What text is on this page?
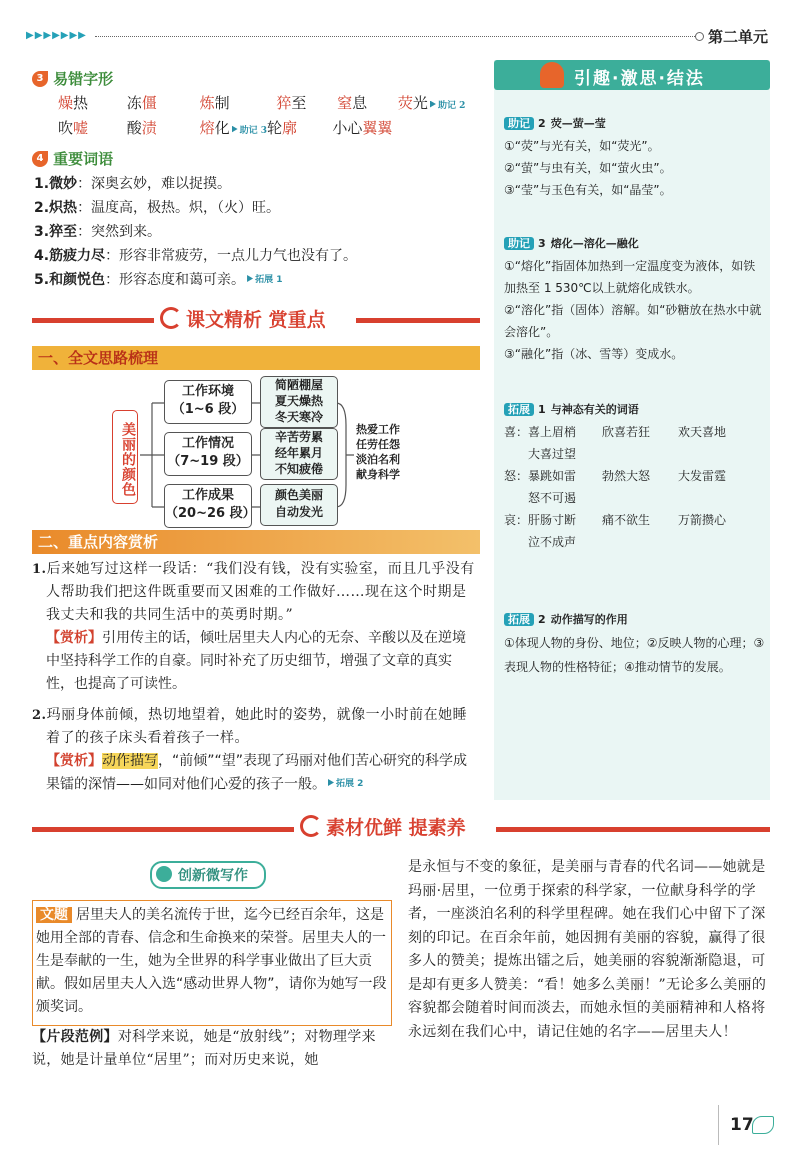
▶▶▶▶▶▶▶	第二单元
3 易错字形
燥热	冻僵	炼制	猝至 窒息 荧光 助记 2
吹嘘	酸渍	熔化 助记 3轮廓 小心翼翼
4 重要词语
1.微妙：深奥玄妙，难以捉摸。
2.炽热：温度高，极热。炽，（火）旺。
3.猝至：突然到来。
4.筋疲力尽：形容非常疲劳，一点儿力气也没有了。
5.和颜悦色：形容态度和蔼可亲。 拓展 1
课文精析 赏重点
一、全文思路梳理
美丽的颜色
工作环境
（1~6 段）
简陋棚屋
夏天燥热
冬天寒冷
工作情况
（7~19 段）
辛苦劳累
经年累月
不知疲倦
工作成果
（20~26 段）
颜色美丽
自动发光
热爱工作
任劳任怨
淡泊名利
献身科学
二、重点内容赏析
1.后来她写过这样一段话：“我们没有钱，没有实验室，而且几乎没有人帮助我们把这件既重要而又困难的工作做好……现在这个时期是我丈夫和我的共同生活中的英勇时期。”
【赏析】引用传主的话，倾吐居里夫人内心的无奈、辛酸以及在逆境中坚持科学工作的自豪。同时补充了历史细节，增强了文章的真实性，也提高了可读性。
2.玛丽身体前倾，热切地望着，她此时的姿势，就像一小时前在她睡着了的孩子床头看着孩子一样。
【赏析】动作描写，“前倾”“望”表现了玛丽对他们苦心研究的科学成果镭的深情——如同对他们心爱的孩子一般。 拓展 2
引趣·激思·结法
助记 2 荧—萤—莹
①“荧”与光有关，如“荧光”。
②“萤”与虫有关，如“萤火虫”。
③“莹”与玉色有关，如“晶莹”。
助记 3 熔化—溶化—融化
①“熔化”指固体加热到一定温度变为液体，如铁加热至 1 530℃以上就熔化成铁水。
②“溶化”指（固体）溶解。如“砂糖放在热水中就会溶化”。
③“融化”指（冰、雪等）变成水。
拓展 1 与神态有关的词语
喜：喜上眉梢 欣喜若狂 欢天喜地
大喜过望
怒：暴跳如雷 勃然大怒 大发雷霆
怒不可遏
哀：肝肠寸断 痛不欲生 万箭攒心
泣不成声
拓展 2 动作描写的作用
①体现人物的身份、地位；②反映人物的心理；③表现人物的性格特征；④推动情节的发展。
素材优鲜 提素养
创新微写作
文题 居里夫人的美名流传于世，迄今已经百余年，这是她用全部的青春、信念和生命换来的荣誉。居里夫人的一生是奉献的一生，她为全世界的科学事业做出了巨大贡献。假如居里夫人入选“感动世界人物”，请你为她写一段颁奖词。
【片段范例】对科学来说，她是“放射线”；对物理学来说，她是计量单位“居里”；而对历史来说，她
是永恒与不变的象征，是美丽与青春的代名词——她就是玛丽·居里，一位勇于探索的科学家，一位献身科学的学者，一座淡泊名利的科学里程碑。她在我们心中留下了深刻的印记。在百余年前，她因拥有美丽的容貌，赢得了很多人的赞美；提炼出镭之后，她美丽的容貌渐渐隐退，可是却有更多人赞美：“看！她多么美丽！”无论多么美丽的容貌都会随着时间而淡去，而她永恒的美丽精神和人格将永远刻在我们心中，请记住她的名字——居里夫人！
17
